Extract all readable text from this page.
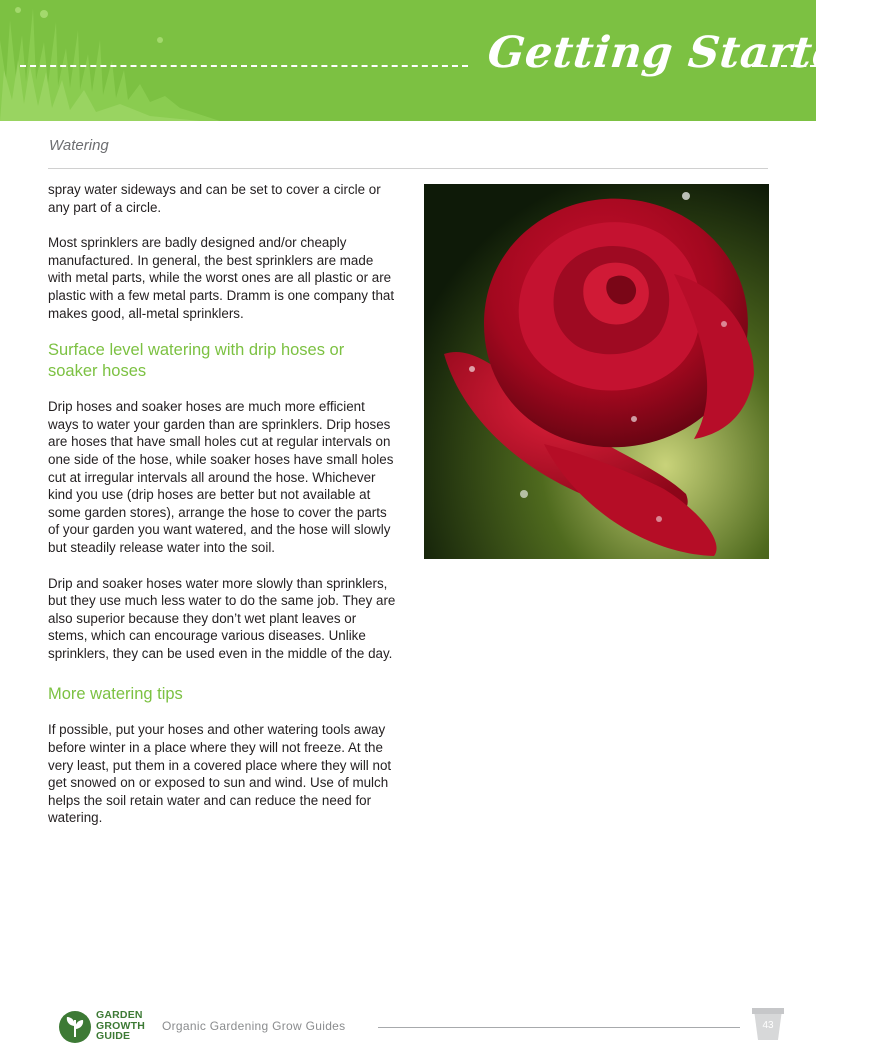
Getting Started
Watering

spray water sideways and can be set to cover a circle or any part of a circle.

Most sprinklers are badly designed and/or cheaply manufactured. In general, the best sprinklers are made with metal parts, while the worst ones are all plastic or are plastic with a few metal parts. Dramm is one company that makes good, all-metal sprinklers.

Surface level watering with drip hoses or soaker hoses

Drip hoses and soaker hoses are much more efficient ways to water your garden than are sprinklers. Drip hoses are hoses that have small holes cut at regular intervals on one side of the hose, while soaker hoses have small holes cut at irregular intervals all around the hose. Whichever kind you use (drip hoses are better but not available at some garden stores), arrange the hose to cover the parts of your garden you want watered, and the hose will slowly but steadily release water into the soil.

Drip and soaker hoses water more slowly than sprinklers, but they use much less water to do the same job. They are also superior because they don’t wet plant leaves or stems, which can encourage various diseases. Unlike sprinklers, they can be used even in the middle of the day.

More watering tips

If possible, put your hoses and other watering tools away before winter in a place where they will not freeze. At the very least, put them in a covered place where they will not get snowed on or exposed to sun and wind. Use of mulch helps the soil retain water and can reduce the need for watering.

GARDEN
GROWTH
GUIDE
Organic Gardening Grow Guides	43
